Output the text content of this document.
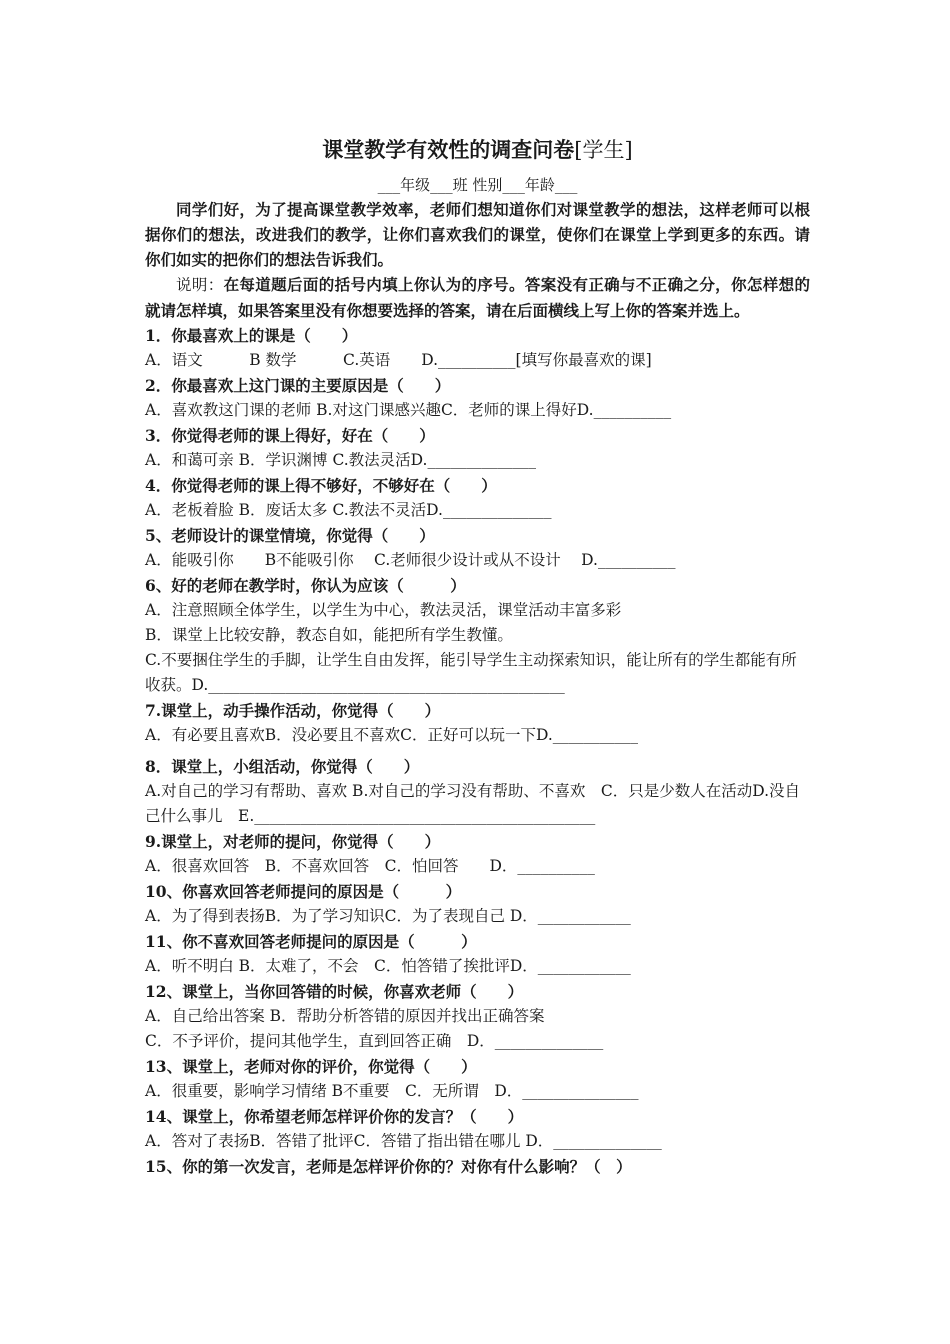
课堂教学有效性的调查问卷[学生]
___年级___班 性别___年龄___
同学们好，为了提高课堂教学效率，老师们想知道你们对课堂教学的想法，这样老师可以根据你们的想法，改进我们的教学，让你们喜欢我们的课堂，使你们在课堂上学到更多的东西。请你们如实的把你们的想法告诉我们。
说明：在每道题后面的括号内填上你认为的序号。答案没有正确与不正确之分，你怎样想的就请怎样填，如果答案里没有你想要选择的答案，请在后面横线上写上你的答案并选上。
1．你最喜欢上的课是（　　）
A．语文　　　B 数学　　　C.英语　　D.__________[填写你最喜欢的课]
2．你最喜欢上这门课的主要原因是（　　）
A．喜欢教这门课的老师 B.对这门课感兴趣C．老师的课上得好D.__________
3．你觉得老师的课上得好，好在（　　）
A．和蔼可亲 B．学识渊博 C.教法灵活D.______________
4．你觉得老师的课上得不够好，不够好在（　　）
A．老板着脸 B．废话太多 C.教法不灵活D.______________
5、老师设计的课堂情境，你觉得（　　）
A．能吸引你　　B不能吸引你　 C.老师很少设计或从不设计　 D.__________
6、好的老师在教学时，你认为应该（　　　）
A．注意照顾全体学生，以学生为中心，教法灵活，课堂活动丰富多彩
B．课堂上比较安静，教态自如，能把所有学生教懂。
C.不要捆住学生的手脚，让学生自由发挥，能引导学生主动探索知识，能让所有的学生都能有所收获。D.______________________________________________
7.课堂上，动手操作活动，你觉得（　　）
A．有必要且喜欢B．没必要且不喜欢C．正好可以玩一下D.___________
8．课堂上，小组活动，你觉得（　　）
A.对自己的学习有帮助、喜欢 B.对自己的学习没有帮助、不喜欢　C．只是少数人在活动D.没自己什么事儿　E.____________________________________________
9.课堂上，对老师的提问，你觉得（　　）
A．很喜欢回答　B．不喜欢回答　C．怕回答　　D．__________
10、你喜欢回答老师提问的原因是（　　　）
A．为了得到表扬B．为了学习知识C．为了表现自己 D．____________
11、你不喜欢回答老师提问的原因是（　　　）
A．听不明白 B．太难了，不会　C．怕答错了挨批评D．____________
12、课堂上，当你回答错的时候，你喜欢老师（　　）
A．自己给出答案 B．帮助分析答错的原因并找出正确答案
C．不予评价，提问其他学生，直到回答正确　D．______________
13、课堂上，老师对你的评价，你觉得（　　）
A．很重要，影响学习情绪 B不重要　C．无所谓　D．_______________
14、课堂上，你希望老师怎样评价你的发言？（　　）
A．答对了表扬B．答错了批评C．答错了指出错在哪儿 D．______________
15、你的第一次发言，老师是怎样评价你的？对你有什么影响？（　）
